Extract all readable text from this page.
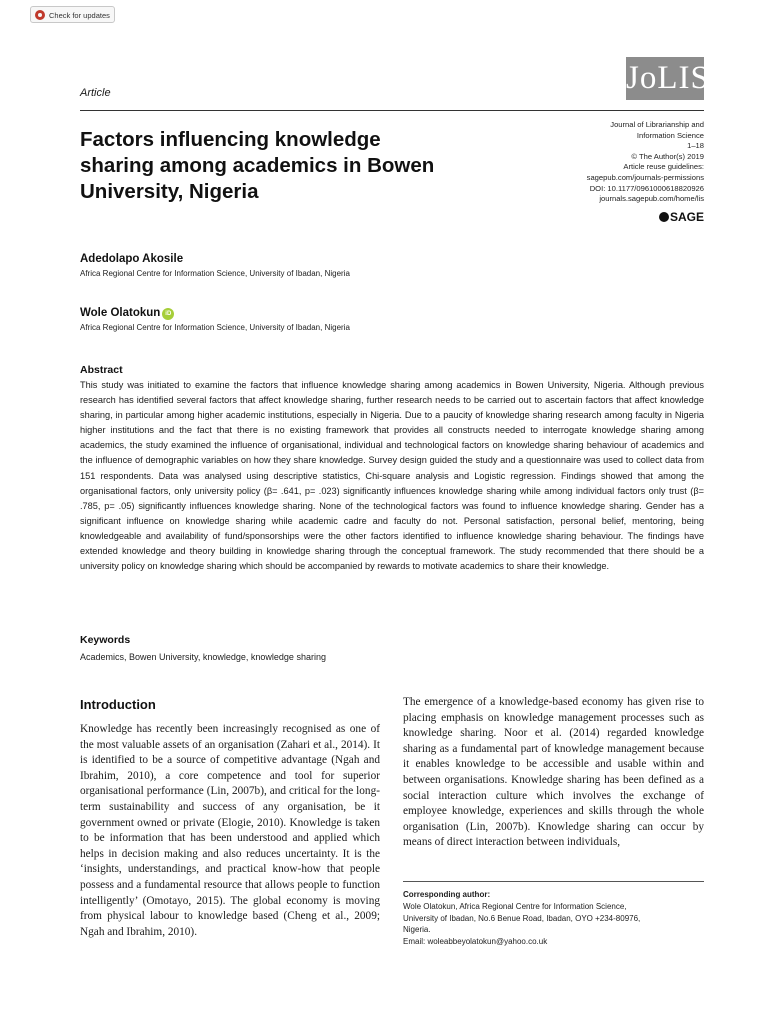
Check for updates
Article	JoLIS
Factors influencing knowledge sharing among academics in Bowen University, Nigeria
Journal of Librarianship and
Information Science
1–18
© The Author(s) 2019
Article reuse guidelines:
sagepub.com/journals-permissions
DOI: 10.1177/0961000618820926
journals.sagepub.com/home/lis
SAGE
Adedolapo Akosile
Africa Regional Centre for Information Science, University of Ibadan, Nigeria
Wole Olatokun iD
Africa Regional Centre for Information Science, University of Ibadan, Nigeria
Abstract
This study was initiated to examine the factors that influence knowledge sharing among academics in Bowen University, Nigeria. Although previous research has identified several factors that affect knowledge sharing, further research needs to be carried out to ascertain factors that affect knowledge sharing, in particular among higher academic institutions, especially in Nigeria. Due to a paucity of knowledge sharing research among faculty in Nigeria higher institutions and the fact that there is no existing framework that provides all constructs needed to interrogate knowledge sharing among academics, the study examined the influence of organisational, individual and technological factors on knowledge sharing behaviour of academics and the influence of demographic variables on how they share knowledge. Survey design guided the study and a questionnaire was used to collect data from 151 respondents. Data was analysed using descriptive statistics, Chi-square analysis and Logistic regression. Findings showed that among the organisational factors, only university policy (β= .641, p= .023) significantly influences knowledge sharing while among individual factors only trust (β= .785, p= .05) significantly influences knowledge sharing. None of the technological factors was found to influence knowledge sharing. Gender has a significant influence on knowledge sharing while academic cadre and faculty do not. Personal satisfaction, personal belief, mentoring, being knowledgeable and availability of fund/sponsorships were the other factors identified to influence knowledge sharing behaviour. The findings have extended knowledge and theory building in knowledge sharing through the conceptual framework. The study recommended that there should be a university policy on knowledge sharing which should be accompanied by rewards to motivate academics to share their knowledge.
Keywords
Academics, Bowen University, knowledge, knowledge sharing
Introduction
Knowledge has recently been increasingly recognised as one of the most valuable assets of an organisation (Zahari et al., 2014). It is identified to be a source of competitive advantage (Ngah and Ibrahim, 2010), a core competence and tool for superior organisational performance (Lin, 2007b), and critical for the long-term sustainability and success of any organisation, be it government owned or private (Elogie, 2010). Knowledge is taken to be information that has been understood and applied which helps in decision making and also reduces uncertainty. It is the ‘insights, understandings, and practical know-how that people possess and a fundamental resource that allows people to function intelligently’ (Omotayo, 2015). The global economy is moving from physical labour to knowledge based (Cheng et al., 2009; Ngah and Ibrahim, 2010).
The emergence of a knowledge-based economy has given rise to placing emphasis on knowledge management processes such as knowledge sharing. Noor et al. (2014) regarded knowledge sharing as a fundamental part of knowledge management because it enables knowledge to be accessible and usable within and between organisations. Knowledge sharing has been defined as a social interaction culture which involves the exchange of employee knowledge, experiences and skills through the whole organisation (Lin, 2007b). Knowledge sharing can occur by means of direct interaction between individuals,
Corresponding author:
Wole Olatokun, Africa Regional Centre for Information Science,
University of Ibadan, No.6 Benue Road, Ibadan, OYO +234-80976,
Nigeria.
Email: woleabbeyolatokun@yahoo.co.uk
